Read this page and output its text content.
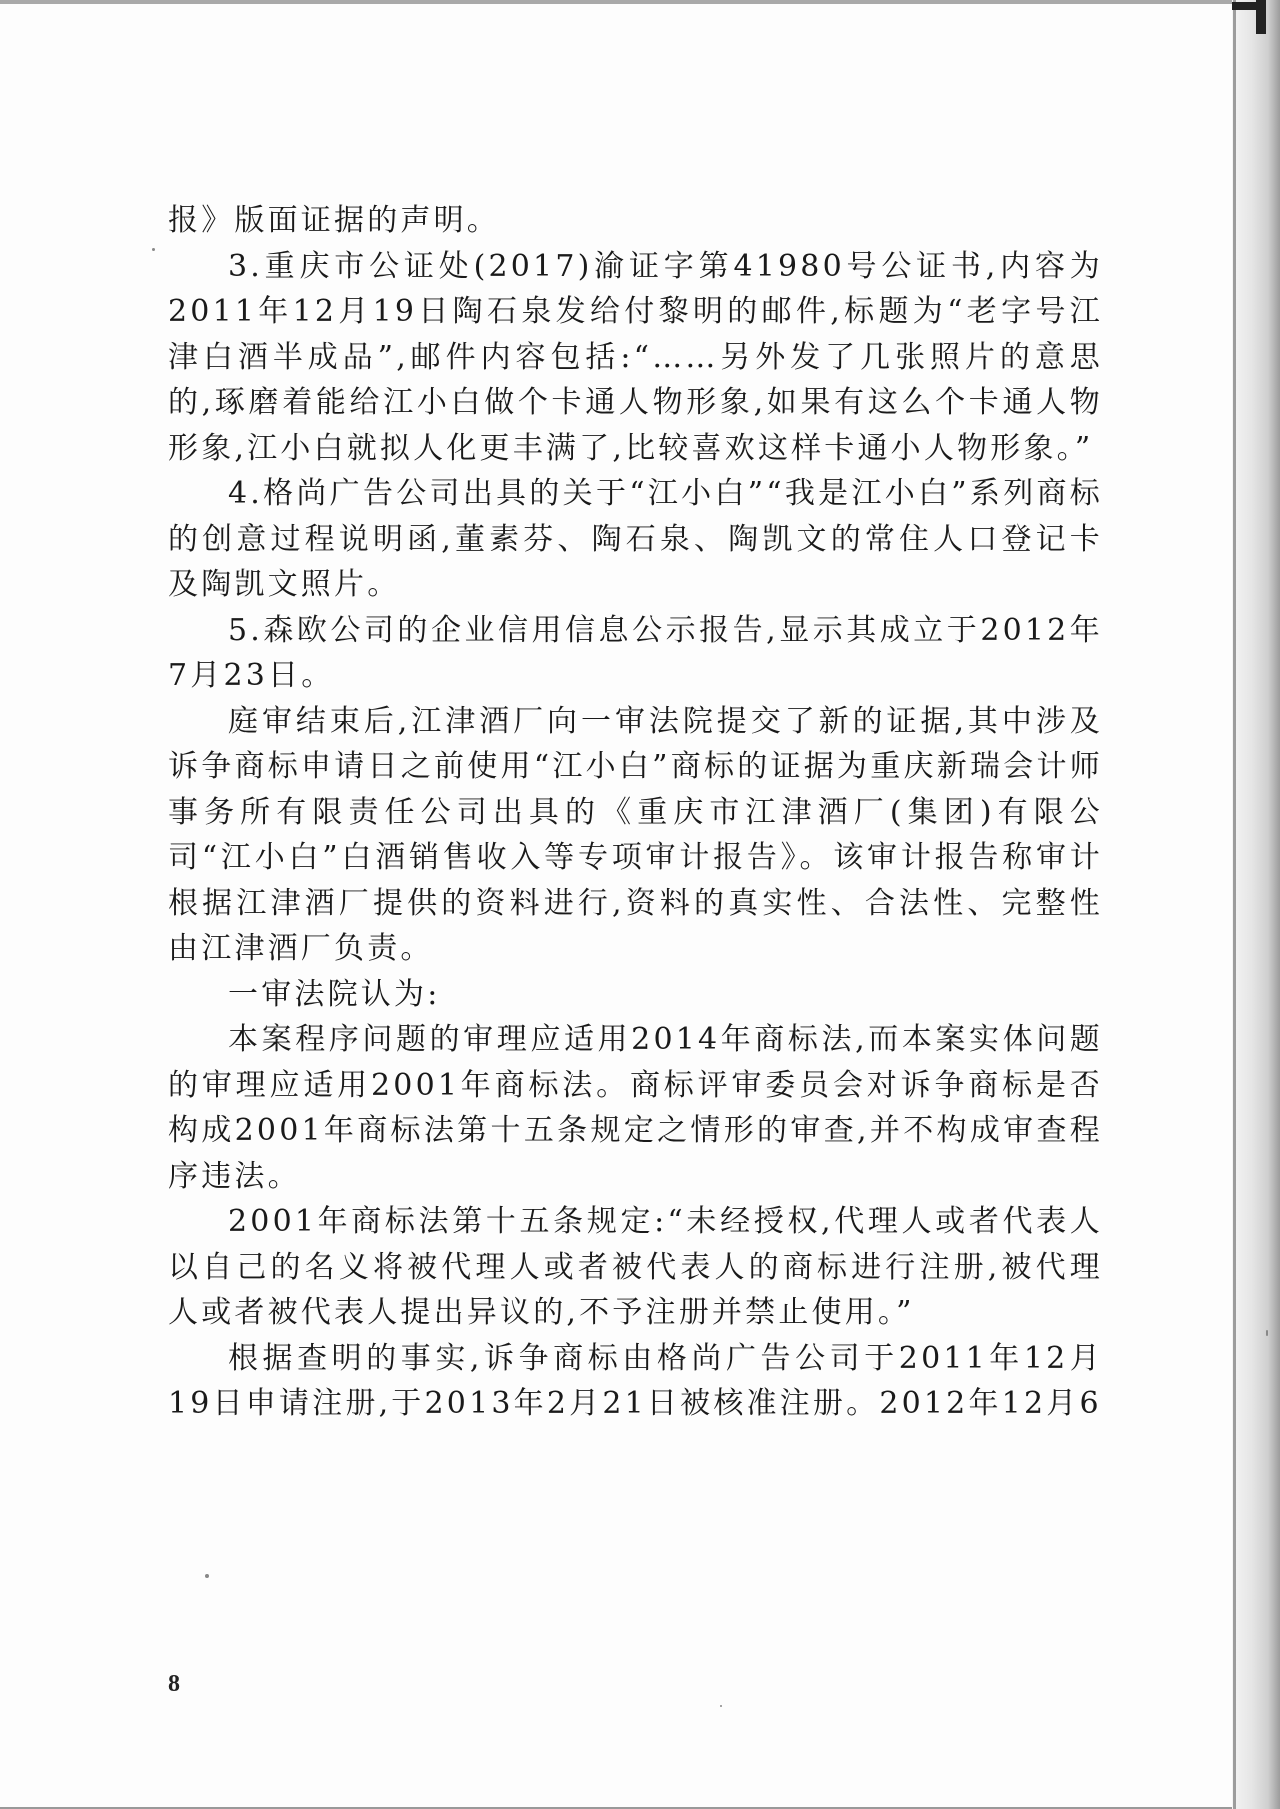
报》版面证据的声明。

3.重庆市公证处(2017)渝证字第41980号公证书,内容为2011年12月19日陶石泉发给付黎明的邮件,标题为“老字号江津白酒半成品”,邮件内容包括:“……另外发了几张照片的意思的,琢磨着能给江小白做个卡通人物形象,如果有这么个卡通人物形象,江小白就拟人化更丰满了,比较喜欢这样卡通小人物形象。”

4.格尚广告公司出具的关于“江小白”“我是江小白”系列商标的创意过程说明函,董素芬、陶石泉、陶凯文的常住人口登记卡及陶凯文照片。

5.森欧公司的企业信用信息公示报告,显示其成立于2012年7月23日。

庭审结束后,江津酒厂向一审法院提交了新的证据,其中涉及诉争商标申请日之前使用“江小白”商标的证据为重庆新瑞会计师事务所有限责任公司出具的《重庆市江津酒厂(集团)有限公司“江小白”白酒销售收入等专项审计报告》。该审计报告称审计根据江津酒厂提供的资料进行,资料的真实性、合法性、完整性由江津酒厂负责。

一审法院认为:

本案程序问题的审理应适用2014年商标法,而本案实体问题的审理应适用2001年商标法。商标评审委员会对诉争商标是否构成2001年商标法第十五条规定之情形的审查,并不构成审查程序违法。

2001年商标法第十五条规定:“未经授权,代理人或者代表人以自己的名义将被代理人或者被代表人的商标进行注册,被代理人或者被代表人提出异议的,不予注册并禁止使用。”

根据查明的事实,诉争商标由格尚广告公司于2011年12月19日申请注册,于2013年2月21日被核准注册。2012年12月6

8
